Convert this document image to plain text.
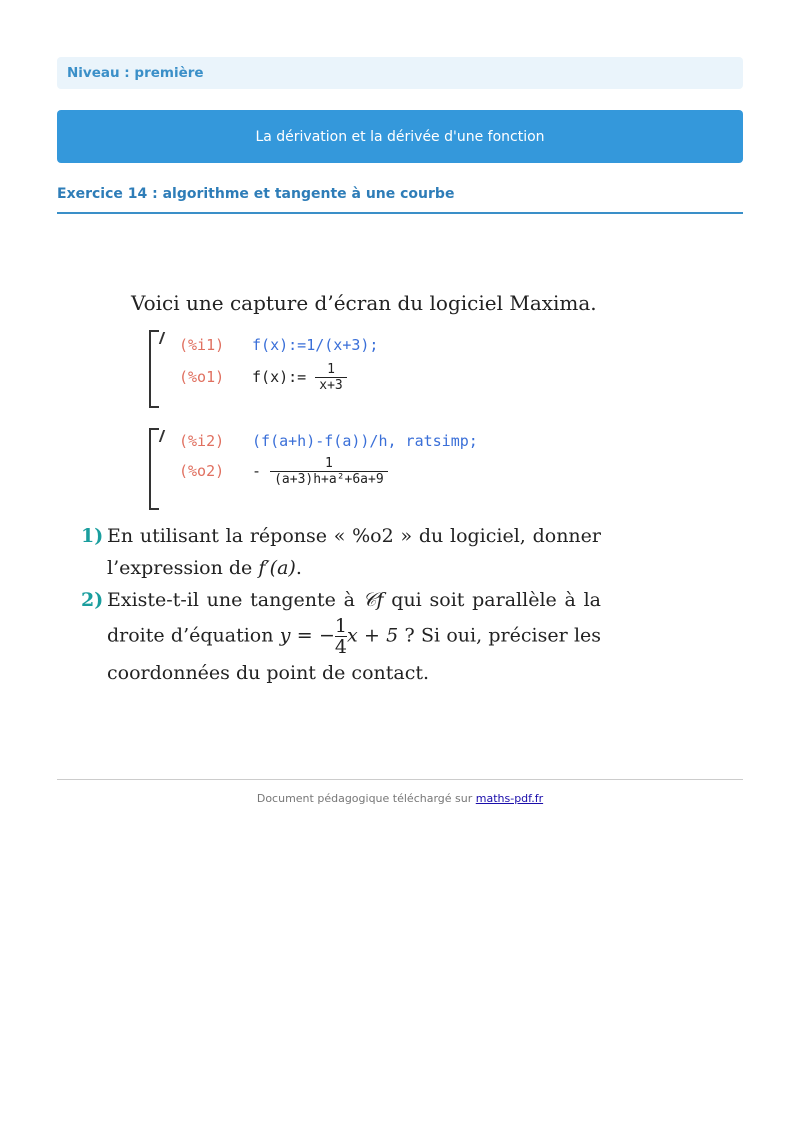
Niveau : première
La dérivation et la dérivée d'une fonction
Exercice 14 : algorithme et tangente à une courbe
Voici une capture d’écran du logiciel Maxima.
(%i1) f(x):=1/(x+3);
(%o1) f(x):= $\frac{1}{x+3}$
(%i2) (f(a+h)-f(a))/h, ratsimp;
$(\%o2) - \frac{1}{\text{(a+3)h+a²+6a+9}}$
1) En utilisant la réponse « %o2 » du logiciel, donner l’expression de f′(a).
2) Existe-t-il une tangente à 𝒞f qui soit parallèle à la droite d’équation y = − $\frac{1}{4}$ x + 5 ? Si oui, préciser les coordonnées du point de contact.
Document pédagogique téléchargé sur maths-pdf.fr
